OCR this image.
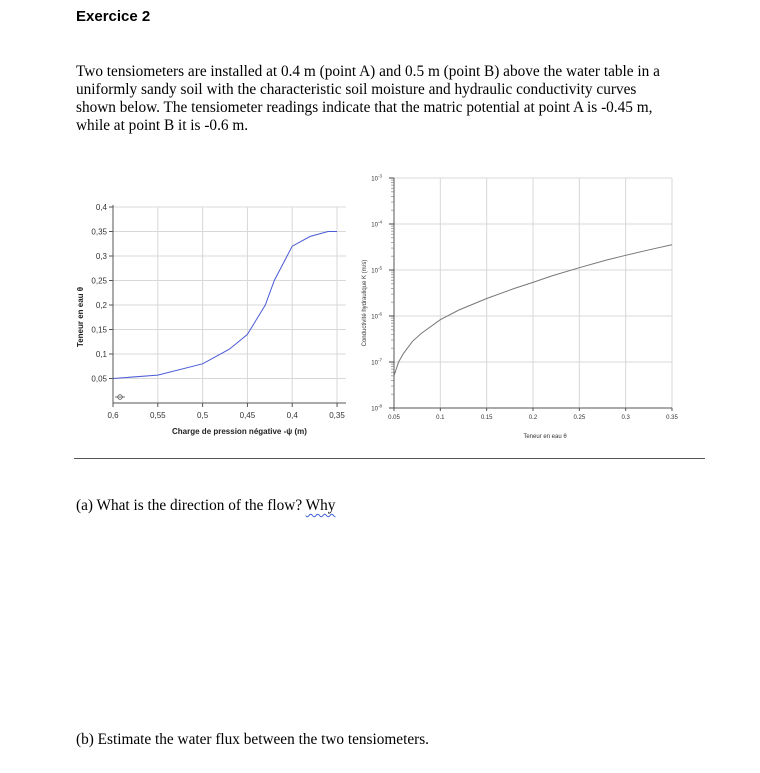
Exercice 2
Two tensiometers are installed at 0.4 m (point A) and 0.5 m (point B) above the water table in a
uniformly sandy soil with the characteristic soil moisture and hydraulic conductivity curves
shown below. The tensiometer readings indicate that the matric potential at point A is -0.45 m,
while at point B it is -0.6 m.
0,05
0,1
0,15
0,2
0,25
0,3
0,35
0,4
0,6	0,55	0,5	0,45	0,4	0,35
Charge de pression négative -ψ (m)
Teneur en eau θ
$10^{-3}$
$10^{-4}$
$10^{-5}$
$10^{-6}$
$10^{-7}$
$10^{-8}$
0.05	0.1	0.15	0.2	0.25	0.3	0.35
Teneur en eau θ
Conductivité hydraulique K (m/s)
(a) What is the direction of the flow? Why
(b) Estimate the water flux between the two tensiometers.
